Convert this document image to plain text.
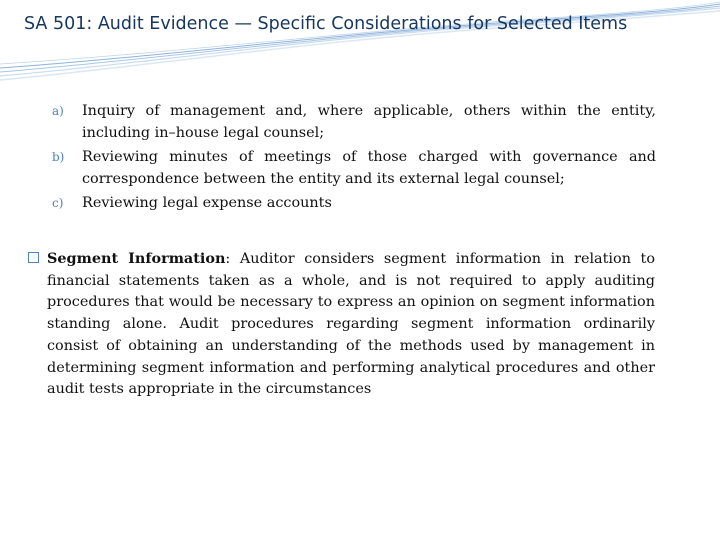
SA 501: Audit Evidence — Specific Considerations for Selected Items
a)	Inquiry of management and, where applicable, others within the entity, including in–house legal counsel;
b)	Reviewing minutes of meetings of those charged with governance and correspondence between the entity and its external legal counsel;
c)	Reviewing legal expense accounts

Segment Information: Auditor considers segment information in relation to financial statements taken as a whole, and is not required to apply auditing procedures that would be necessary to express an opinion on segment information standing alone. Audit procedures regarding segment information ordinarily consist of obtaining an understanding of the methods used by management in determining segment information and performing analytical procedures and other audit tests appropriate in the circumstances
